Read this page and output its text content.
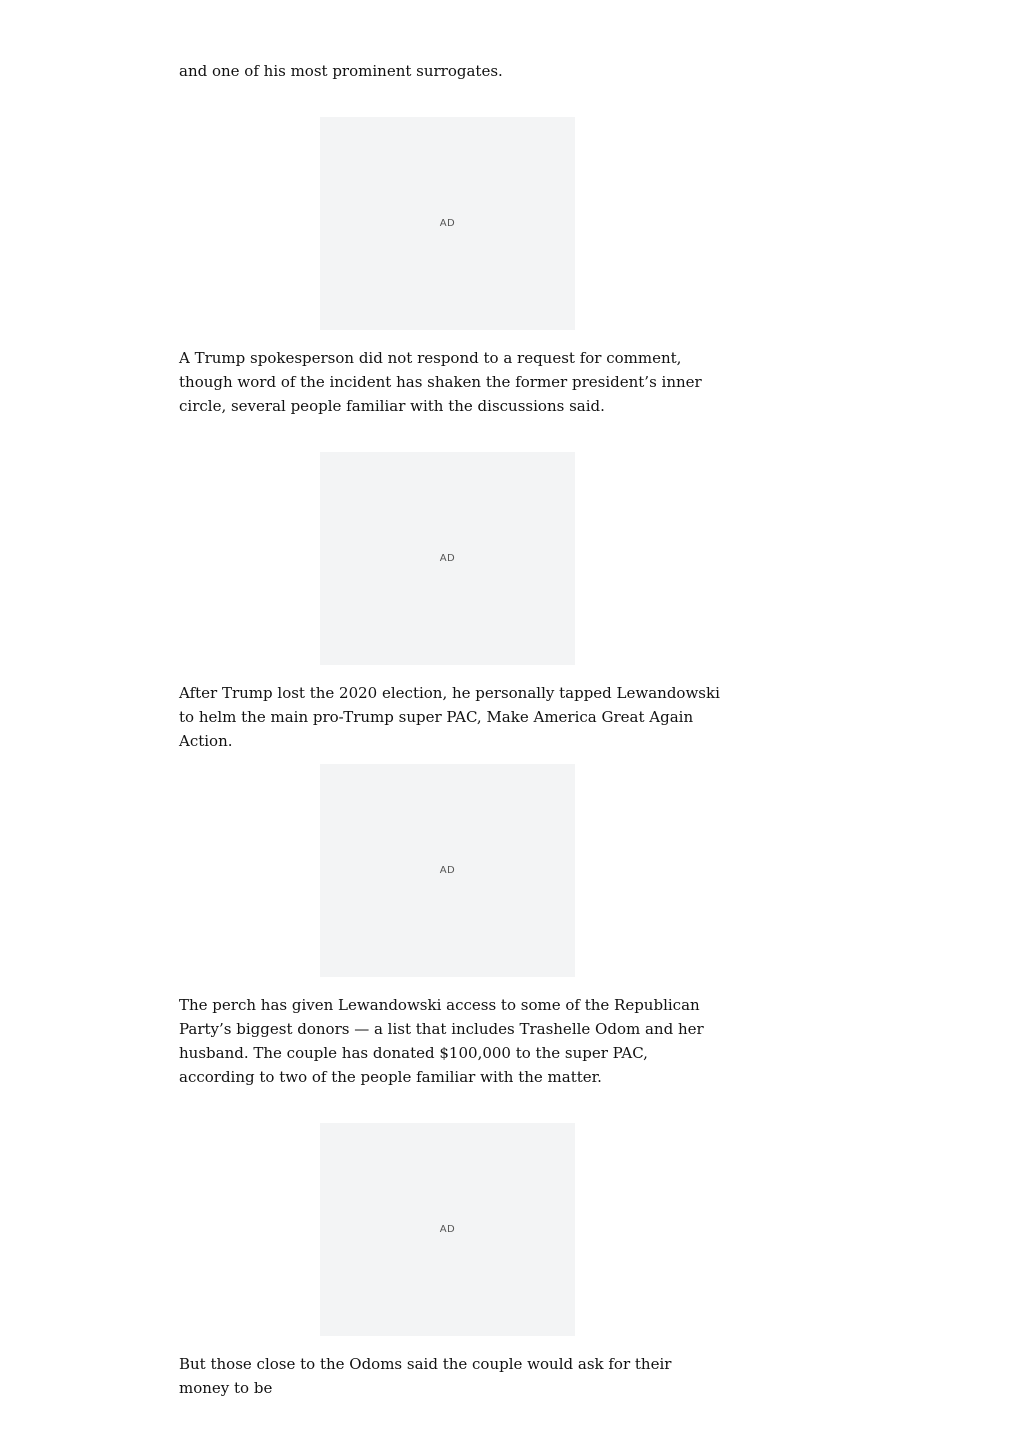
and one of his most prominent surrogates.

AD

A Trump spokesperson did not respond to a request for comment, though word of the incident has shaken the former president’s inner circle, several people familiar with the discussions said.

AD

After Trump lost the 2020 election, he personally tapped Lewandowski to helm the main pro-Trump super PAC, Make America Great Again Action.

AD

The perch has given Lewandowski access to some of the Republican Party’s biggest donors — a list that includes Trashelle Odom and her husband. The couple has donated $100,000 to the super PAC, according to two of the people familiar with the matter.

AD

But those close to the Odoms said the couple would ask for their money to be
